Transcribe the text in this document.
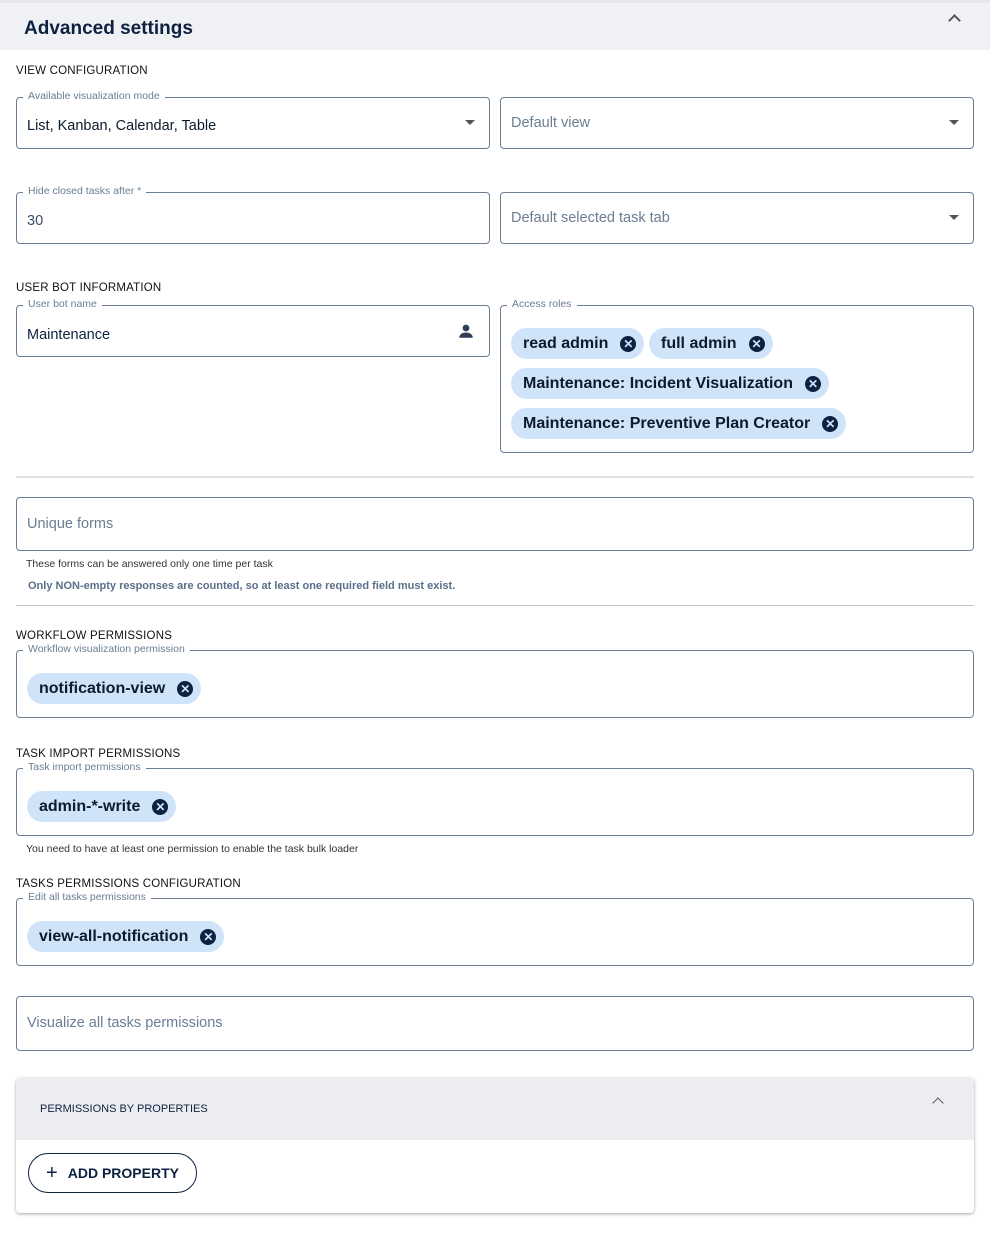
Advanced settings
VIEW CONFIGURATION
Available visualization mode
List, Kanban, Calendar, Table	Default view
Hide closed tasks after *
30	Default selected task tab
USER BOT INFORMATION
User bot name
Maintenance
Access roles
read admin ✕ full admin ✕
Maintenance: Incident Visualization ✕
Maintenance: Preventive Plan Creator ✕
Unique forms
These forms can be answered only one time per task
Only NON-empty responses are counted, so at least one required field must exist.
WORKFLOW PERMISSIONS
Workflow visualization permission
notification-view ✕
TASK IMPORT PERMISSIONS
Task import permissions
admin-*-write ✕
You need to have at least one permission to enable the task bulk loader
TASKS PERMISSIONS CONFIGURATION
Edit all tasks permissions
view-all-notification ✕
Visualize all tasks permissions
PERMISSIONS BY PROPERTIES
+ ADD PROPERTY
